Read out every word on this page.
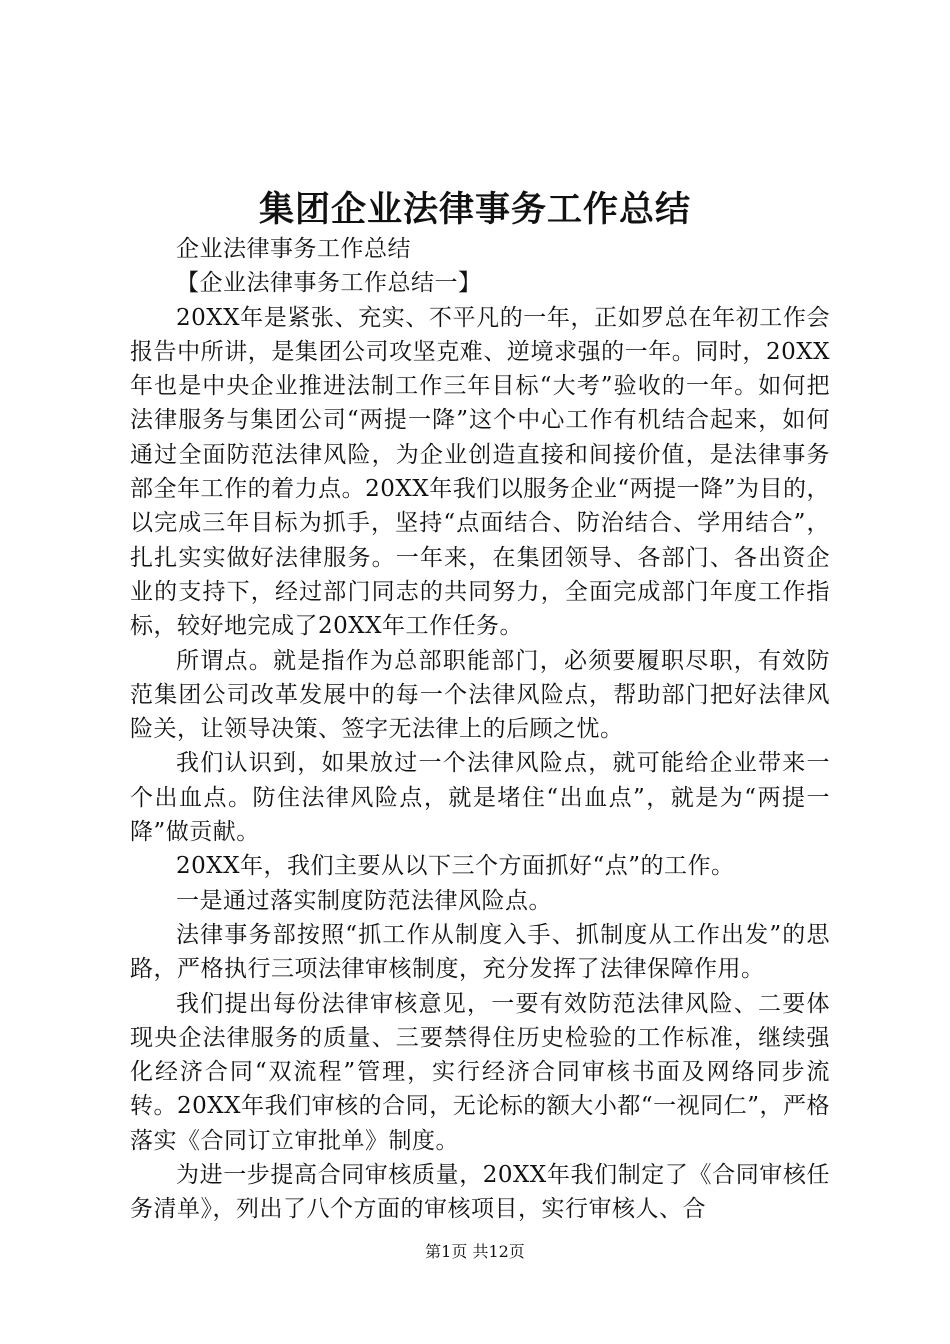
集团企业法律事务工作总结

企业法律事务工作总结

【企业法律事务工作总结一】

20XX年是紧张、充实、不平凡的一年，正如罗总在年初工作会报告中所讲，是集团公司攻坚克难、逆境求强的一年。同时，20XX年也是中央企业推进法制工作三年目标“大考”验收的一年。如何把法律服务与集团公司“两提一降”这个中心工作有机结合起来，如何通过全面防范法律风险，为企业创造直接和间接价值，是法律事务部全年工作的着力点。20XX年我们以服务企业“两提一降”为目的，以完成三年目标为抓手，坚持“点面结合、防治结合、学用结合”，扎扎实实做好法律服务。一年来，在集团领导、各部门、各出资企业的支持下，经过部门同志的共同努力，全面完成部门年度工作指标，较好地完成了20XX年工作任务。

所谓点。就是指作为总部职能部门，必须要履职尽职，有效防范集团公司改革发展中的每一个法律风险点，帮助部门把好法律风险关，让领导决策、签字无法律上的后顾之忧。

我们认识到，如果放过一个法律风险点，就可能给企业带来一个出血点。防住法律风险点，就是堵住“出血点”，就是为“两提一降”做贡献。

20XX年，我们主要从以下三个方面抓好“点”的工作。

一是通过落实制度防范法律风险点。

法律事务部按照“抓工作从制度入手、抓制度从工作出发”的思路，严格执行三项法律审核制度，充分发挥了法律保障作用。

我们提出每份法律审核意见，一要有效防范法律风险、二要体现央企法律服务的质量、三要禁得住历史检验的工作标准，继续强化经济合同“双流程”管理，实行经济合同审核书面及网络同步流转。20XX年我们审核的合同，无论标的额大小都“一视同仁”，严格落实《合同订立审批单》制度。

为进一步提高合同审核质量，20XX年我们制定了《合同审核任务清单》，列出了八个方面的审核项目，实行审核人、合

第1页 共12页
